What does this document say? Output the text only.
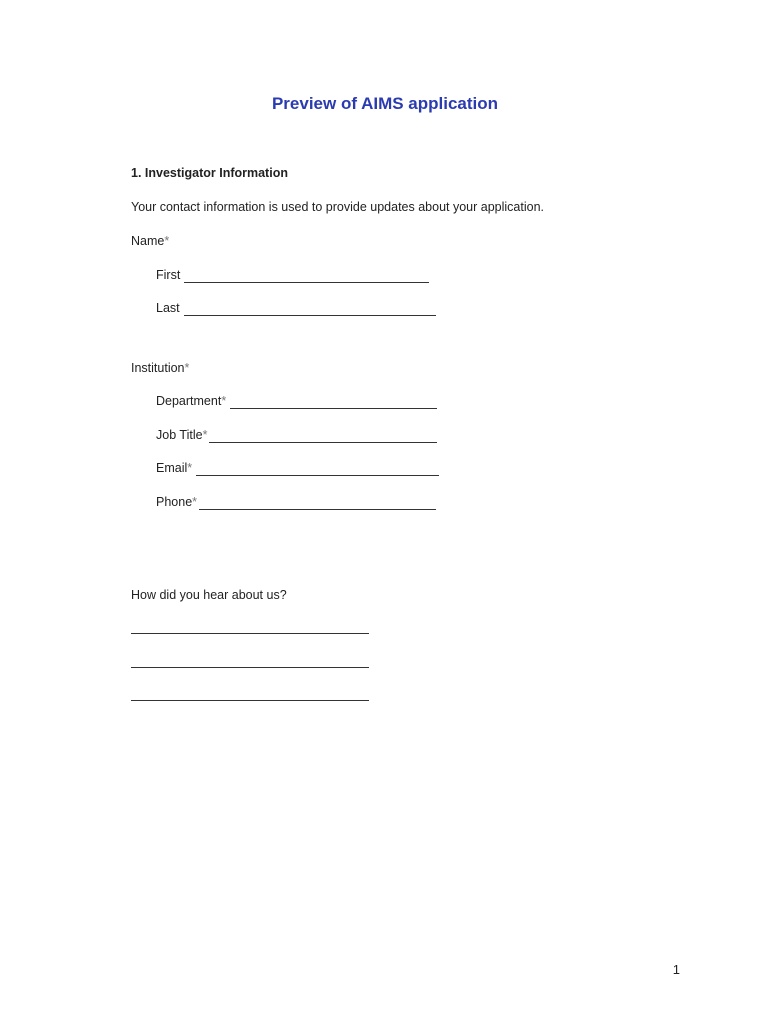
Preview of AIMS application
1. Investigator Information
Your contact information is used to provide updates about your application.
Name*
First
Last
Institution*
Department *
Job Title *
Email *
Phone *
How did you hear about us?
1
